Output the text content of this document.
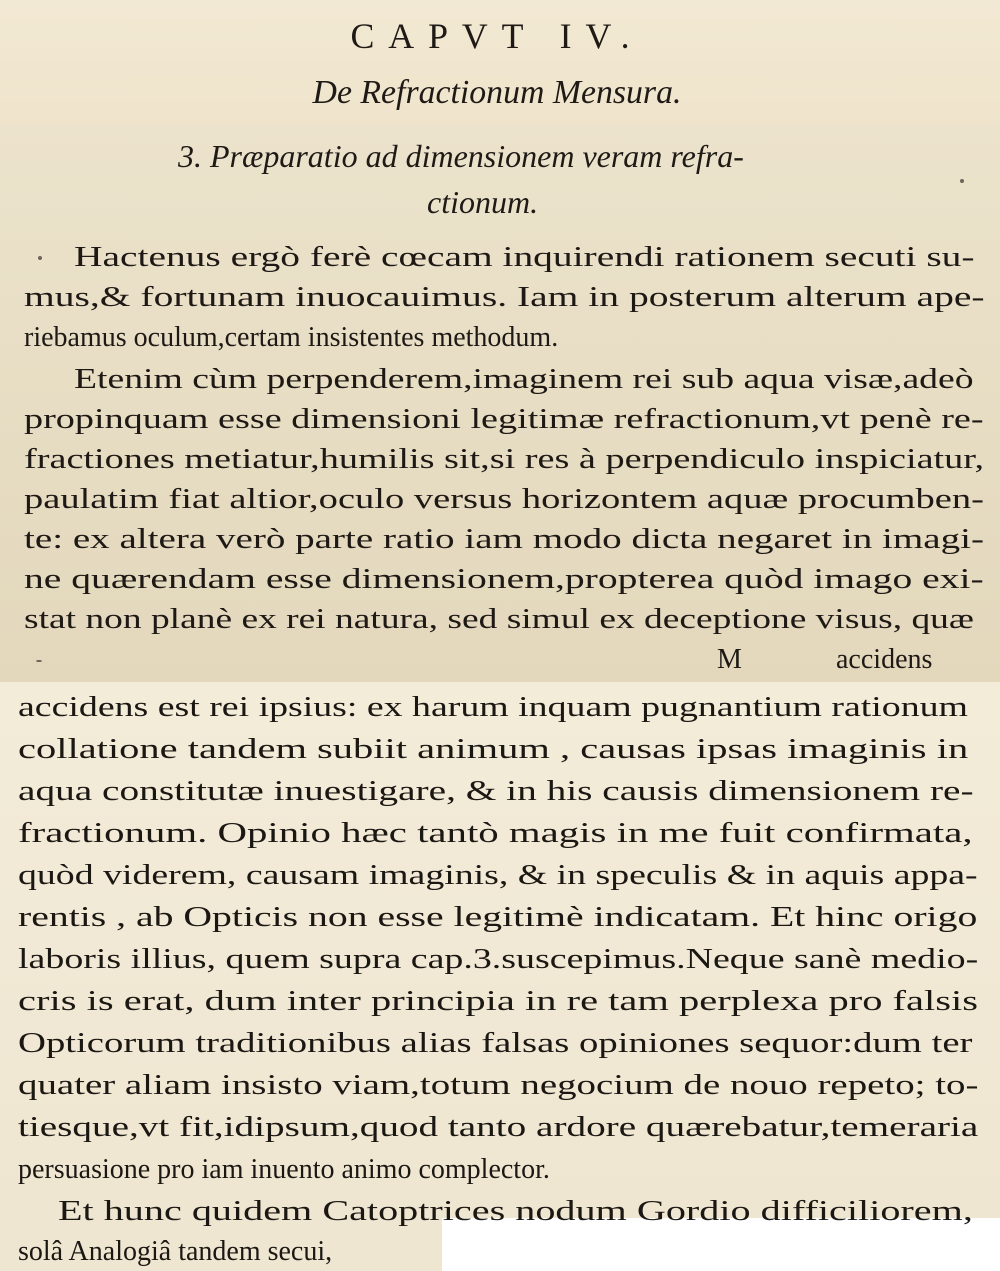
CAPVT IV.
De Refractionum Mensura.
3. Præparatio ad dimensionem veram refra-
ctionum.
Hactenus ergò ferè cœcam inquirendi rationem secuti su-
mus,& fortunam inuocauimus. Iam in posterum alterum ape-
riebamus oculum,certam insistentes methodum.
Etenim cùm perpenderem,imaginem rei sub aqua visæ,adeò
propinquam esse dimensioni legitimæ refractionum,vt penè re-
fractiones metiatur,humilis sit,si res à perpendiculo inspiciatur,
paulatim fiat altior,oculo versus horizontem aquæ procumben-
te: ex altera verò parte ratio iam modo dicta negaret in imagi-
ne quærendam esse dimensionem,propterea quòd imago exi-
stat non planè ex rei natura, sed simul ex deceptione visus, quæ
M	accidens
accidens est rei ipsius: ex harum inquam pugnantium rationum
collatione tandem subiit animum , causas ipsas imaginis in
aqua constitutæ inuestigare, & in his causis dimensionem re-
fractionum. Opinio hæc tantò magis in me fuit confirmata,
quòd viderem, causam imaginis, & in speculis & in aquis appa-
rentis , ab Opticis non esse legitimè indicatam. Et hinc origo
laboris illius, quem supra cap.3.suscepimus.Neque sanè medio-
cris is erat, dum inter principia in re tam perplexa pro falsis
Opticorum traditionibus alias falsas opiniones sequor:dum ter
quater aliam insisto viam,totum negocium de nouo repeto; to-
tiesque,vt fit,idipsum,quod tanto ardore quærebatur,temeraria
persuasione pro iam inuento animo complector.
Et hunc quidem Catoptrices nodum Gordio difficiliorem,
solâ Analogiâ tandem secui,
